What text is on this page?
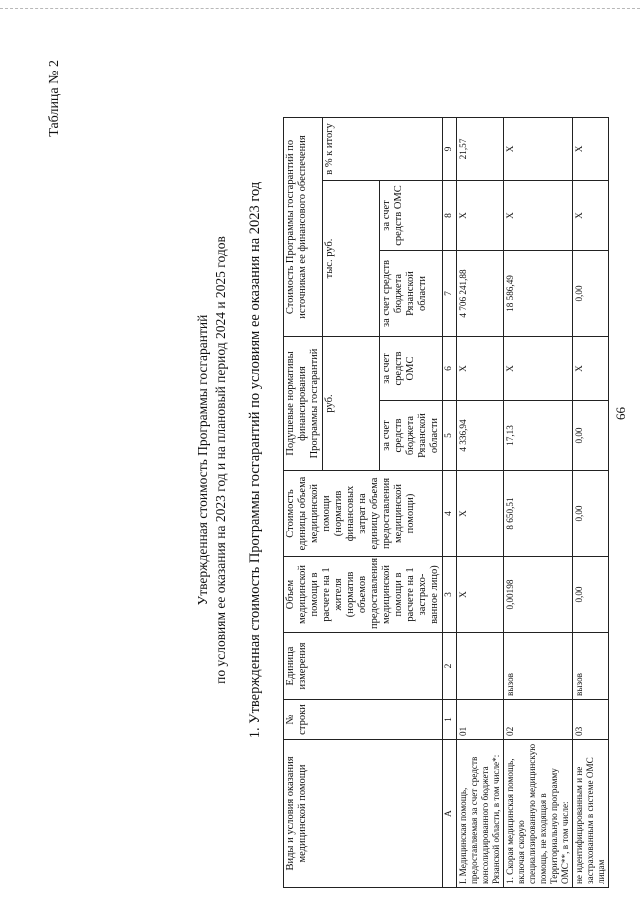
66
Таблица № 2
Утвержденная стоимость Программы госгарантий по условиям ее оказания на 2023 год и на плановый период 2024 и 2025 годов 1. Утвержденная стоимость Программы госгарантий по условиям ее оказания на 2023 год
Виды и условия оказания медицинской помощи	№ строки	Единица измерения	Объем медицинской помощи в расчете на 1 жителя (норматив объемов предоставления медицинской помощи в расчете на 1 застрахо-ванное лицо)	Стоимость единицы объема медицинской помощи (норматив финансовых затрат на единицу объема предоставления медицинской помощи)	Подушевые нормативы финансирования Программы госгарантий		Стоимость Программы госгарантий по источникам ее финансового обеспечения		
					руб.		тыс. руб.		в % к итогу
					за счет средств бюджета Рязанской области	за счет средств ОМС	за счет средств бюджета Рязанской области	за счет средств ОМС	
А	1	2	3	4	5	6	7	8	9
I. Медицинская помощь, предоставляемая за счет средств консолидированного бюджета Рязанской области, в том числе*:	01		Х	Х	4 336,94	Х	4 706 241,88	Х	21,57
1. Скорая медицинская помощь, включая скорую специализированную медицинскую помощь, не входящая в Территориальную программу ОМС**, в том числе:	02	вызов	0,00198	8 650,51	17,13	Х	18 586,49	Х	Х
не идентифицированным и не застрахованным в системе ОМС лицам	03	вызов	0,00	0,00	0,00	Х	0,00	Х	Х
